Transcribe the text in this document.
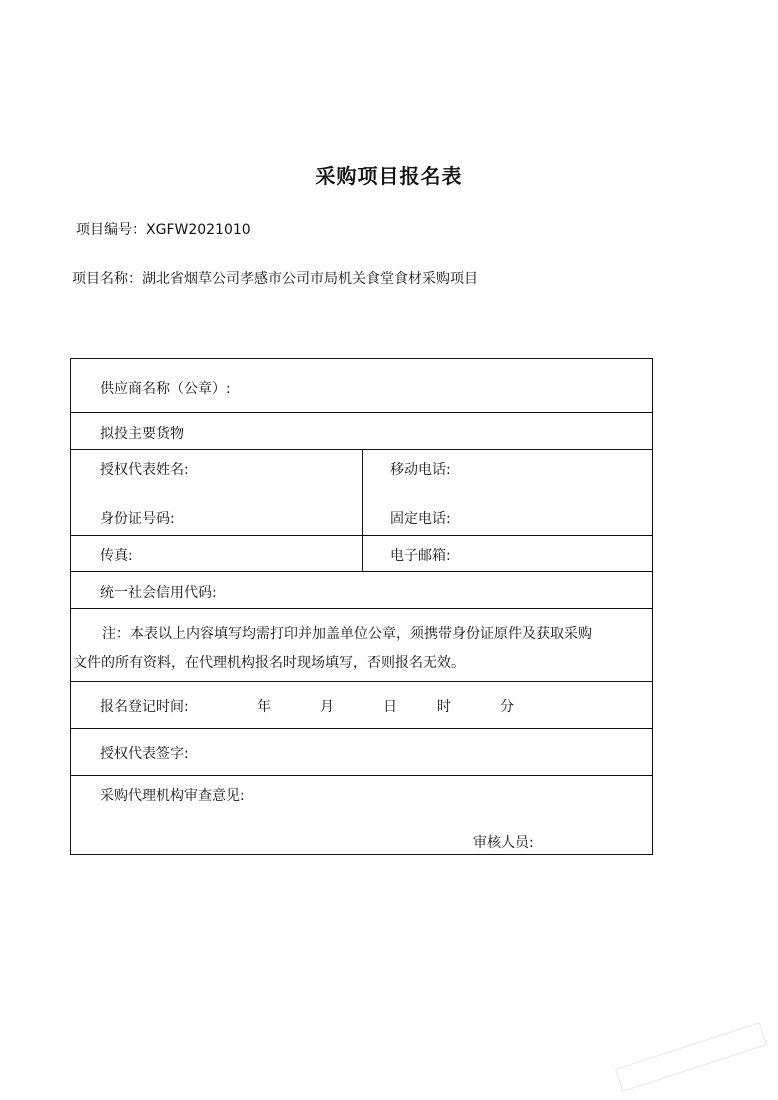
采购项目报名表
项目编号：XGFW2021010
项目名称：湖北省烟草公司孝感市公司市局机关食堂食材采购项目
供应商名称（公章）:
拟投主要货物
授权代表姓名:	移动电话:
身份证号码:	固定电话:
传真:	电子邮箱:
统一社会信用代码:
注：本表以上内容填写均需打印并加盖单位公章，须携带身份证原件及获取采购
文件的所有资料，在代理机构报名时现场填写，否则报名无效。
报名登记时间:	年	月	日	时	分
授权代表签字:
采购代理机构审查意见:
审核人员:
